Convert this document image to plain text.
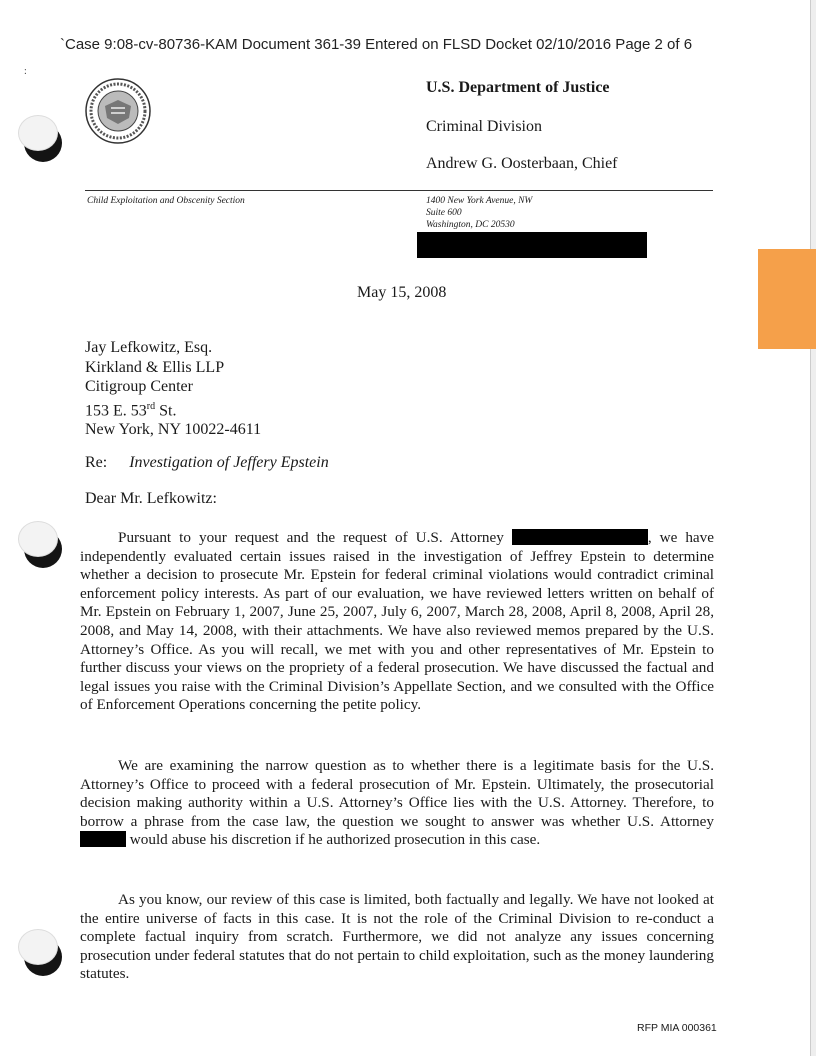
`Case 9:08-cv-80736-KAM Document 361-39 Entered on FLSD Docket 02/10/2016 Page 2 of 6
:
U.S. Department of Justice
Criminal Division
Andrew G. Oosterbaan, Chief
Child Exploitation and Obscenity Section	1400 New York Avenue, NW
Suite 600
Washington, DC 20530
May 15, 2008
Jay Lefkowitz, Esq.
Kirkland & Ellis LLP
Citigroup Center
153 E. 53rd St.
New York, NY 10022-4611
Re: Investigation of Jeffery Epstein
Dear Mr. Lefkowitz:

Pursuant to your request and the request of U.S. Attorney	, we have independently evaluated certain issues raised in the investigation of Jeffrey Epstein to determine whether a decision to prosecute Mr. Epstein for federal criminal violations would contradict criminal enforcement policy interests. As part of our evaluation, we have reviewed letters written on behalf of Mr. Epstein on February 1, 2007, June 25, 2007, July 6, 2007, March 28, 2008, April 8, 2008, April 28, 2008, and May 14, 2008, with their attachments. We have also reviewed memos prepared by the U.S. Attorney’s Office. As you will recall, we met with you and other representatives of Mr. Epstein to further discuss your views on the propriety of a federal prosecution. We have discussed the factual and legal issues you raise with the Criminal Division’s Appellate Section, and we consulted with the Office of Enforcement Operations concerning the petite policy.

We are examining the narrow question as to whether there is a legitimate basis for the U.S. Attorney’s Office to proceed with a federal prosecution of Mr. Epstein. Ultimately, the prosecutorial decision making authority within a U.S. Attorney’s Office lies with the U.S. Attorney. Therefore, to borrow a phrase from the case law, the question we sought to answer was whether U.S. Attorney  would abuse his discretion if he authorized prosecution in this case.

As you know, our review of this case is limited, both factually and legally. We have not looked at the entire universe of facts in this case. It is not the role of the Criminal Division to re-conduct a complete factual inquiry from scratch. Furthermore, we did not analyze any issues concerning prosecution under federal statutes that do not pertain to child exploitation, such as the money laundering statutes.

RFP MIA 000361
